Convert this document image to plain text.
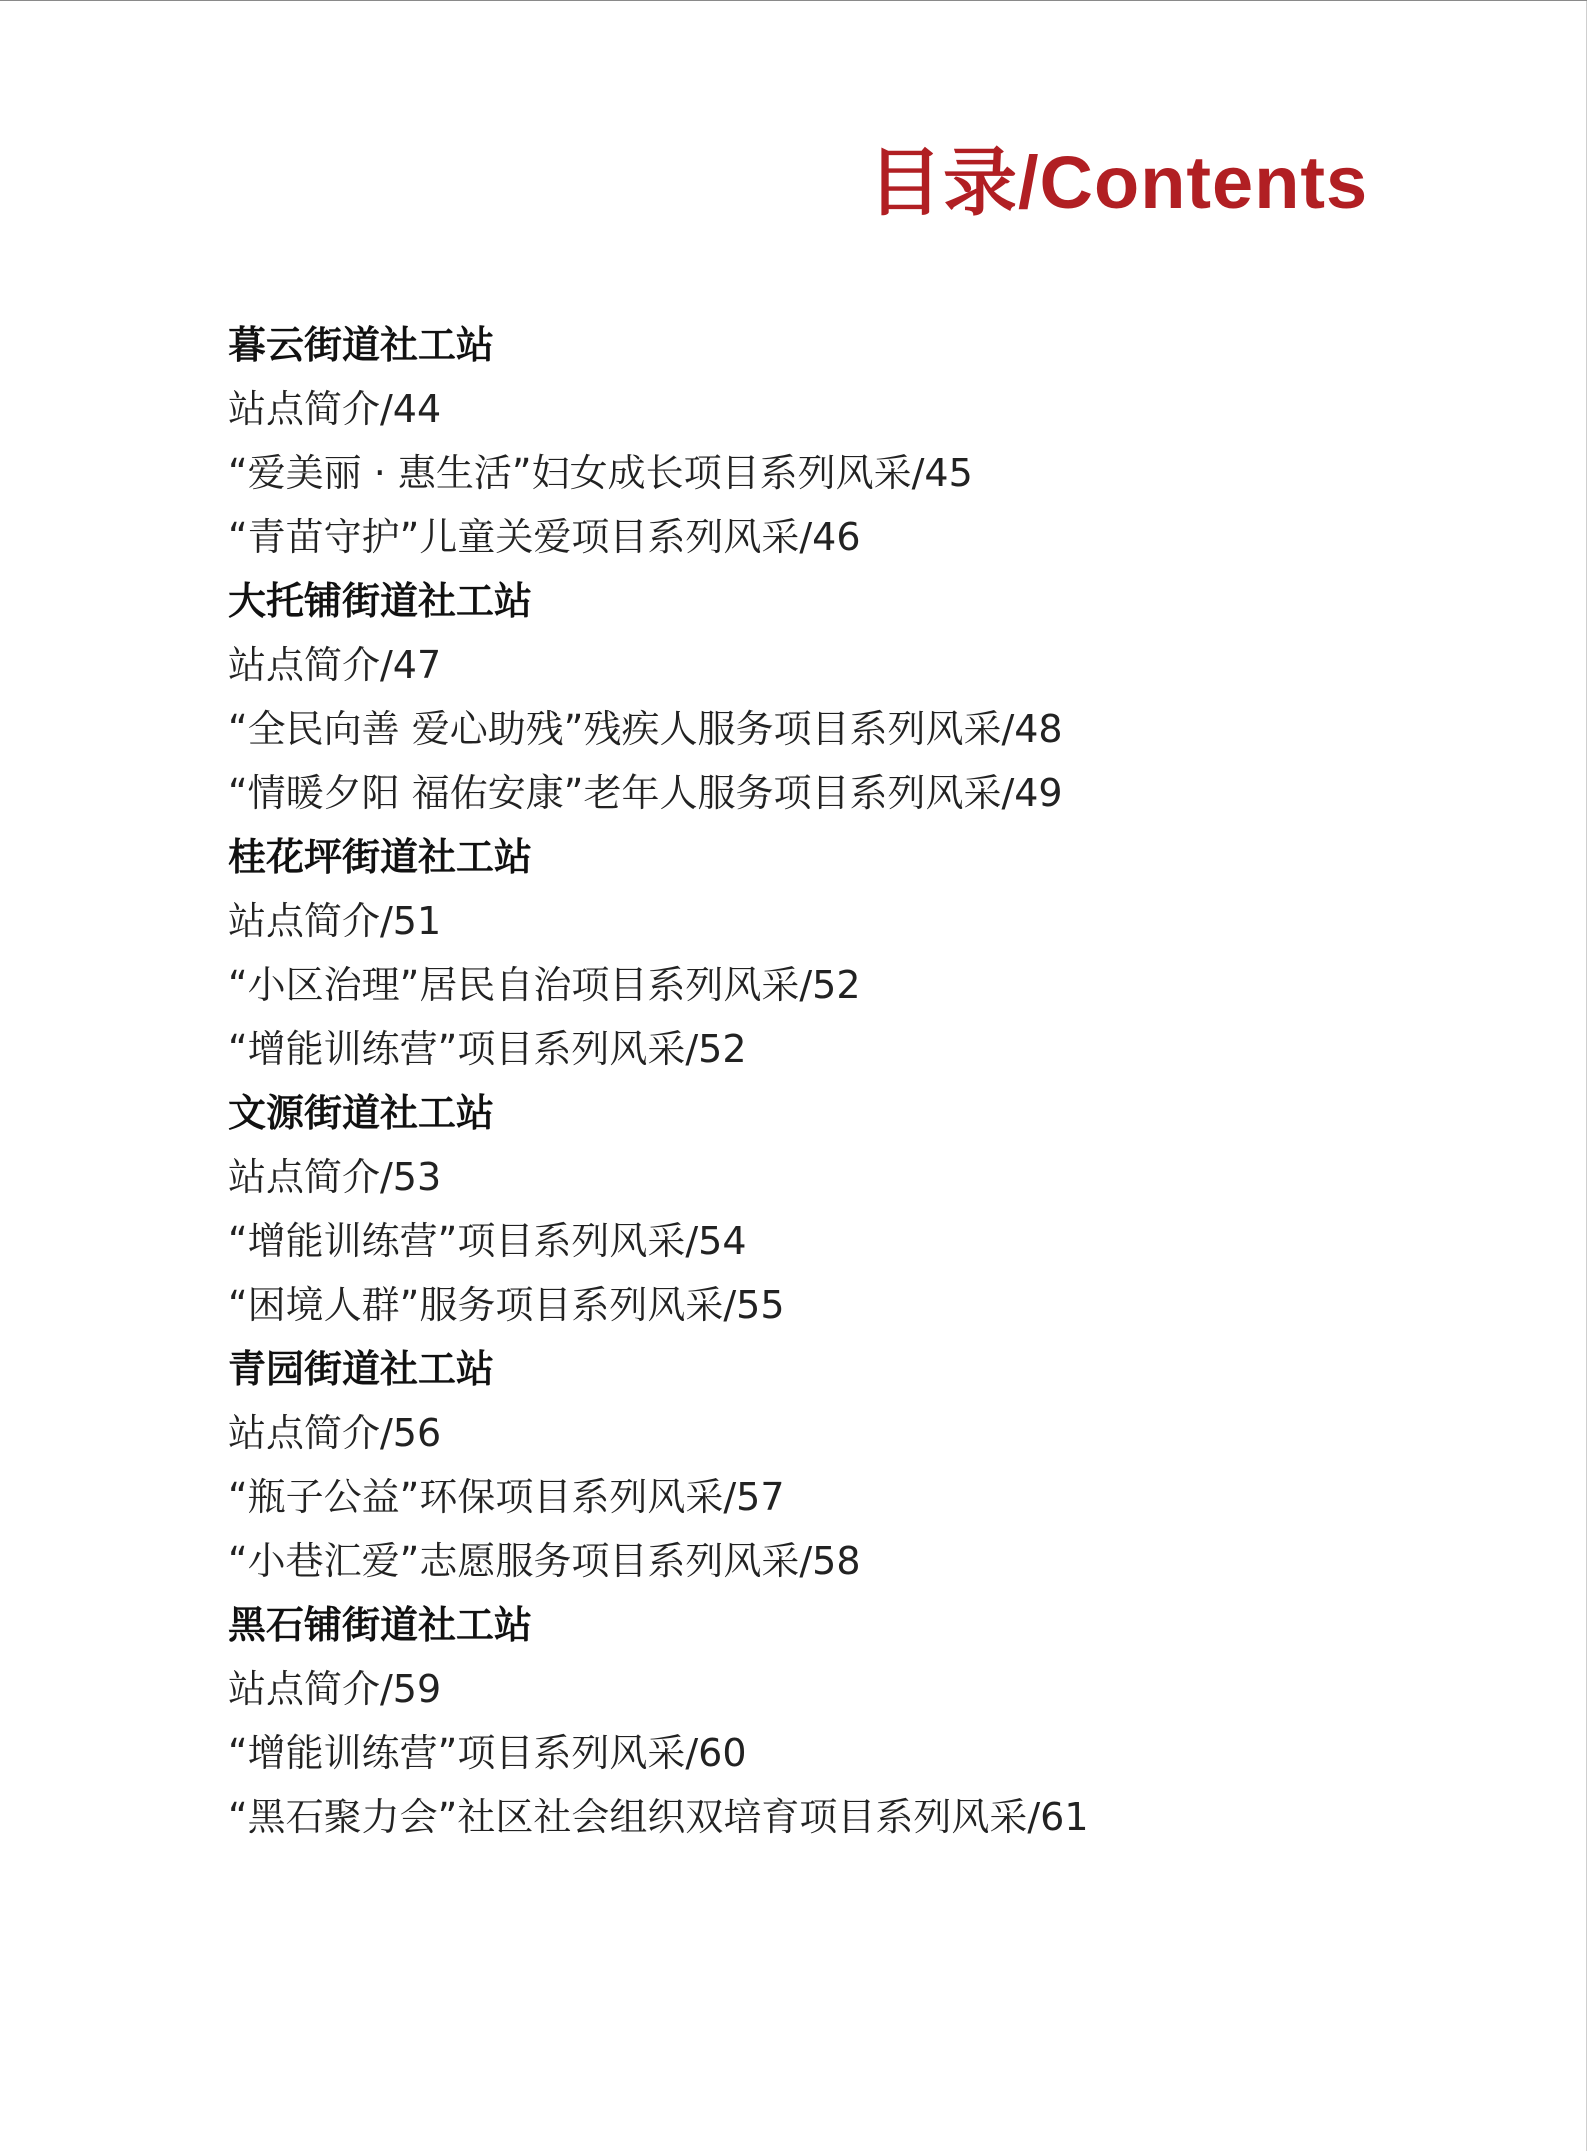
目录/Contents
暮云街道社工站
站点简介/44
“爱美丽 · 惠生活”妇女成长项目系列风采/45
“青苗守护”儿童关爱项目系列风采/46
大托铺街道社工站
站点简介/47
“全民向善 爱心助残”残疾人服务项目系列风采/48
“情暖夕阳 福佑安康”老年人服务项目系列风采/49
桂花坪街道社工站
站点简介/51
“小区治理”居民自治项目系列风采/52
“增能训练营”项目系列风采/52
文源街道社工站
站点简介/53
“增能训练营”项目系列风采/54
“困境人群”服务项目系列风采/55
青园街道社工站
站点简介/56
“瓶子公益”环保项目系列风采/57
“小巷汇爱”志愿服务项目系列风采/58
黑石铺街道社工站
站点简介/59
“增能训练营”项目系列风采/60
“黑石聚力会”社区社会组织双培育项目系列风采/61
